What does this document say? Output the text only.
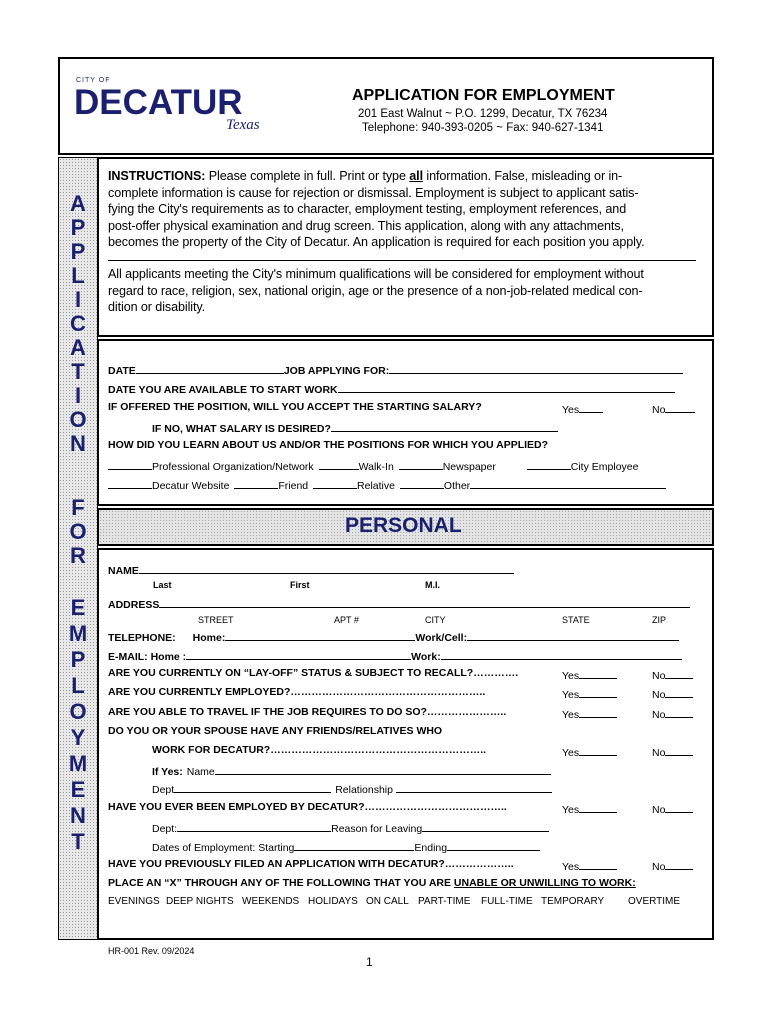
CITY OF
DECATUR
Texas
APPLICATION FOR EMPLOYMENT
201 East Walnut ~ P.O. 1299, Decatur, TX 76234
Telephone: 940-393-0205 ~ Fax: 940-627-1341
A
P
P
L
I
C
A
T
I
O
N
F
O
R
E
M
P
L
O
Y
M
E
N
T
INSTRUCTIONS: Please complete in full. Print or type all information. False, misleading or in-
complete information is cause for rejection or dismissal. Employment is subject to applicant satis-
fying the City's requirements as to character, employment testing, employment references, and
post-offer physical examination and drug screen. This application, along with any attachments,
becomes the property of the City of Decatur. An application is required for each position you apply.
All applicants meeting the City's minimum qualifications will be considered for employment without
regard to race, religion, sex, national origin, age or the presence of a non-job-related medical con-
dition or disability.
DATE	JOB APPLYING FOR:
DATE YOU ARE AVAILABLE TO START WORK
IF OFFERED THE POSITION, WILL YOU ACCEPT THE STARTING SALARY?	Yes	No
IF NO, WHAT SALARY IS DESIRED?
HOW DID YOU LEARN ABOUT US AND/OR THE POSITIONS FOR WHICH YOU APPLIED?
Professional Organization/Network	Walk-In	Newspaper	City Employee
Decatur Website	Friend	Relative	Other
PERSONAL
NAME
Last	First	M.I.
ADDRESS
STREET	APT #	CITY	STATE	ZIP
TELEPHONE: Home:	Work/Cell:
E-MAIL: Home :	Work:
ARE YOU CURRENTLY ON “LAY-OFF” STATUS & SUBJECT TO RECALL?………….	Yes	No
ARE YOU CURRENTLY EMPLOYED?………………………………………………..	Yes	No
ARE YOU ABLE TO TRAVEL IF THE JOB REQUIRES TO DO SO?…………………..	Yes	No
DO YOU OR YOUR SPOUSE HAVE ANY FRIENDS/RELATIVES WHO
WORK FOR DECATUR?……………………………………………………..	Yes	No
If Yes: Name
Dept	Relationship
HAVE YOU EVER BEEN EMPLOYED BY DECATUR?…………………………………..	Yes	No
Dept:	Reason for Leaving
Dates of Employment: Starting	Ending
HAVE YOU PREVIOUSLY FILED AN APPLICATION WITH DECATUR?………………..	Yes	No
PLACE AN “X” THROUGH ANY OF THE FOLLOWING THAT YOU ARE UNABLE OR UNWILLING TO WORK:
EVENINGS DEEP NIGHTS WEEKENDS HOLIDAYS ON CALL PART-TIME FULL-TIME TEMPORARY OVERTIME
HR-001 Rev. 09/2024
1
